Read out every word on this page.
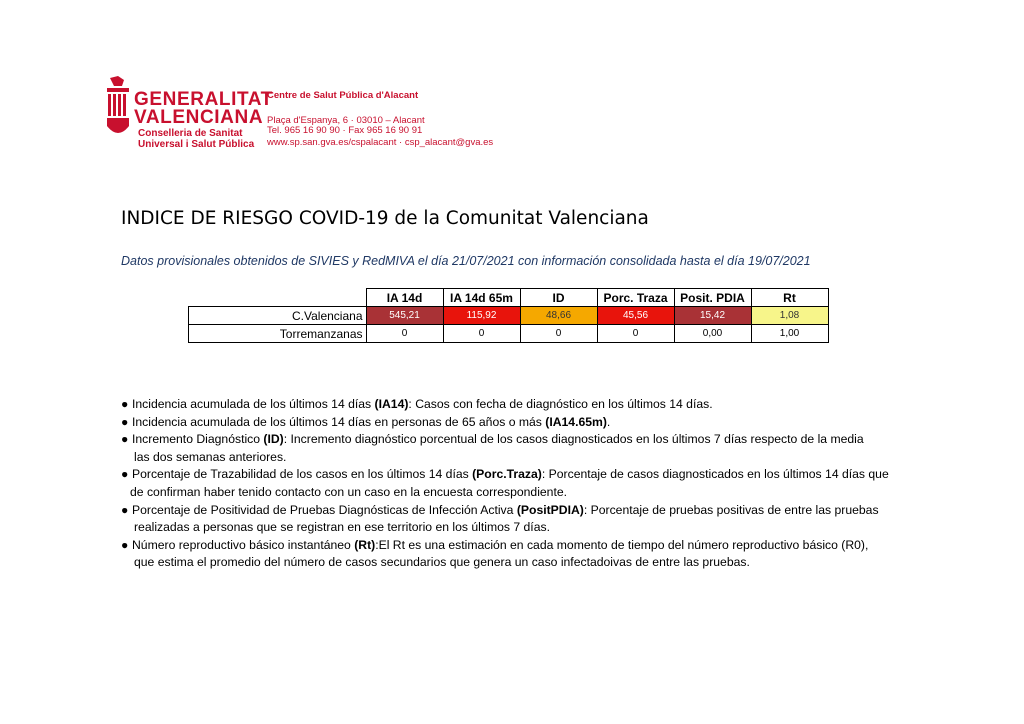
GENERALITAT
VALENCIANA
Conselleria de Sanitat
Universal i Salut Pública
Centre de Salut Pública d'Alacant
Plaça d'Espanya, 6 · 03010 – Alacant
Tel. 965 16 90 90 · Fax 965 16 90 91
www.sp.san.gva.es/cspalacant · csp_alacant@gva.es
INDICE DE RIESGO COVID-19 de la Comunitat Valenciana
Datos provisionales obtenidos de SIVIES y RedMIVA el día 21/07/2021 con información consolidada hasta el día 19/07/2021
	IA 14d	IA 14d 65m	ID	Porc. Traza	Posit. PDIA	Rt
C.Valenciana	545,21	115,92	48,66	45,56	15,42	1,08
Torremanzanas	0	0	0	0	0,00	1,00
● Incidencia acumulada de los últimos 14 días (IA14): Casos con fecha de diagnóstico en los últimos 14 días.
● Incidencia acumulada de los últimos 14 días en personas de 65 años o más (IA14.65m).
● Incremento Diagnóstico (ID): Incremento diagnóstico porcentual de los casos diagnosticados en los últimos 7 días respecto de la media
las dos semanas anteriores.
● Porcentaje de Trazabilidad de los casos en los últimos 14 días (Porc.Traza): Porcentaje de casos diagnosticados en los últimos 14 días que
de confirman haber tenido contacto con un caso en la encuesta correspondiente.
● Porcentaje de Positividad de Pruebas Diagnósticas de Infección Activa (PositPDIA): Porcentaje de pruebas positivas de entre las pruebas
realizadas a personas que se registran en ese territorio en los últimos 7 días.
● Número reproductivo básico instantáneo (Rt):El Rt es una estimación en cada momento de tiempo del número reproductivo básico (R0),
que estima el promedio del número de casos secundarios que genera un caso infectadoivas de entre las pruebas.
